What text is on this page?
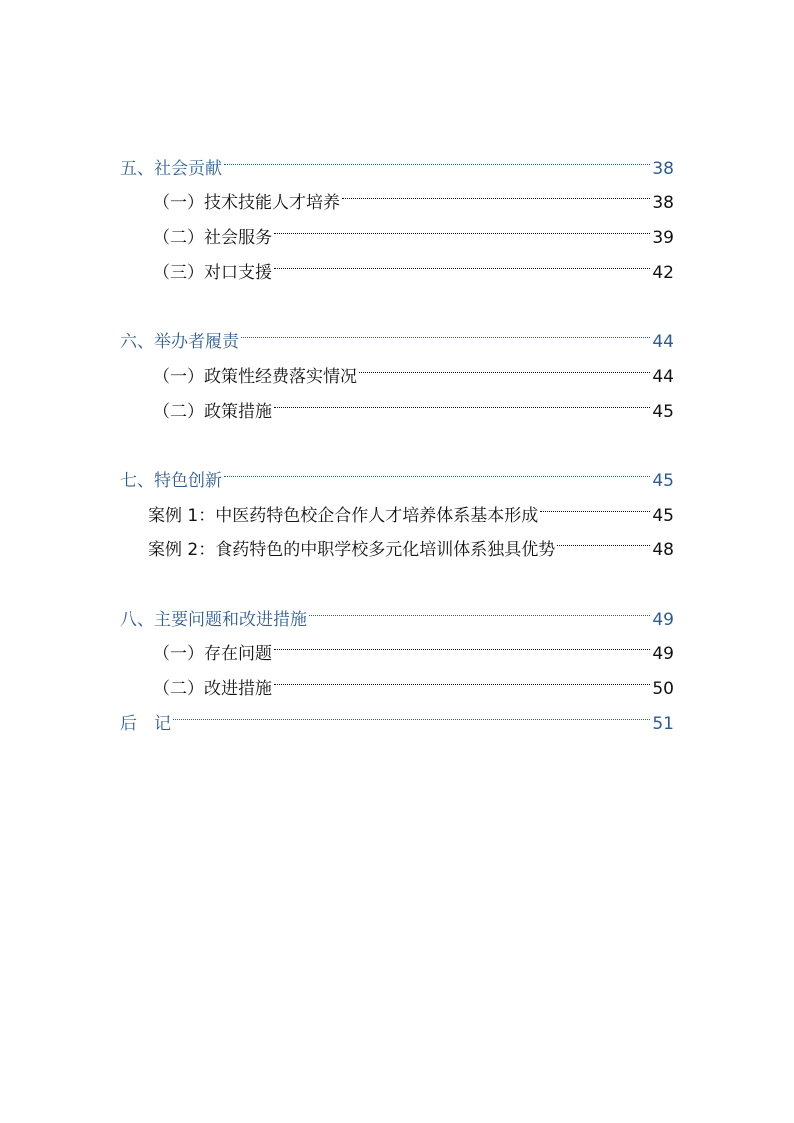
五、社会贡献	38
（一）技术技能人才培养	38
（二）社会服务	39
（三）对口支援	42
六、举办者履责	44
（一）政策性经费落实情况	44
（二）政策措施	45
七、特色创新	45
案例 1：中医药特色校企合作人才培养体系基本形成	45
案例 2：食药特色的中职学校多元化培训体系独具优势	48
八、主要问题和改进措施	49
（一）存在问题	49
（二）改进措施	50
后　记	51
